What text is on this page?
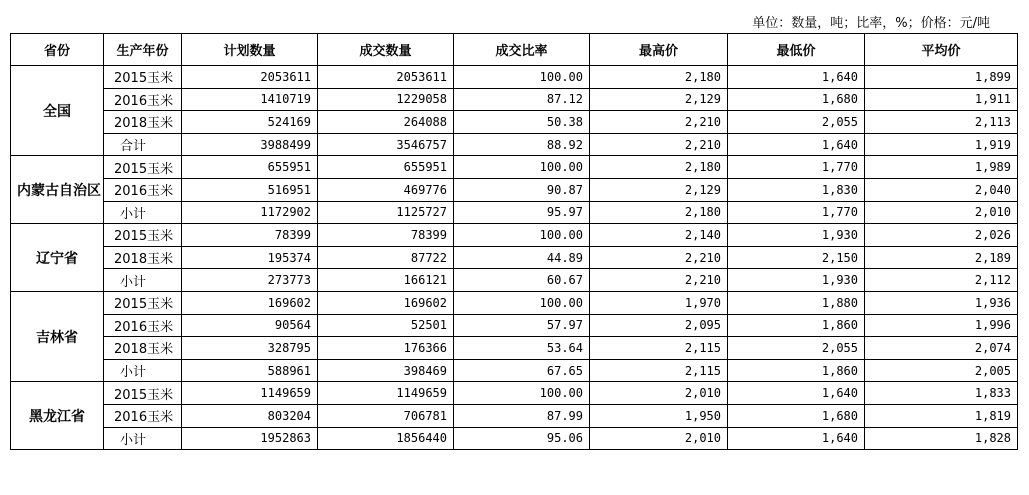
单位：数量，吨；比率，%；价格：元/吨
省份	生产年份	计划数量	成交数量	成交比率	最高价	最低价	平均价
全国	2015玉米	2053611	2053611	100.00	2,180	1,640	1,899
	2016玉米	1410719	1229058	87.12	2,129	1,680	1,911
	2018玉米	524169	264088	50.38	2,210	2,055	2,113
	合计	3988499	3546757	88.92	2,210	1,640	1,919
内蒙古自治区	2015玉米	655951	655951	100.00	2,180	1,770	1,989
	2016玉米	516951	469776	90.87	2,129	1,830	2,040
	小计	1172902	1125727	95.97	2,180	1,770	2,010
辽宁省	2015玉米	78399	78399	100.00	2,140	1,930	2,026
	2018玉米	195374	87722	44.89	2,210	2,150	2,189
	小计	273773	166121	60.67	2,210	1,930	2,112
吉林省	2015玉米	169602	169602	100.00	1,970	1,880	1,936
	2016玉米	90564	52501	57.97	2,095	1,860	1,996
	2018玉米	328795	176366	53.64	2,115	2,055	2,074
	小计	588961	398469	67.65	2,115	1,860	2,005
黑龙江省	2015玉米	1149659	1149659	100.00	2,010	1,640	1,833
	2016玉米	803204	706781	87.99	1,950	1,680	1,819
	小计	1952863	1856440	95.06	2,010	1,640	1,828
